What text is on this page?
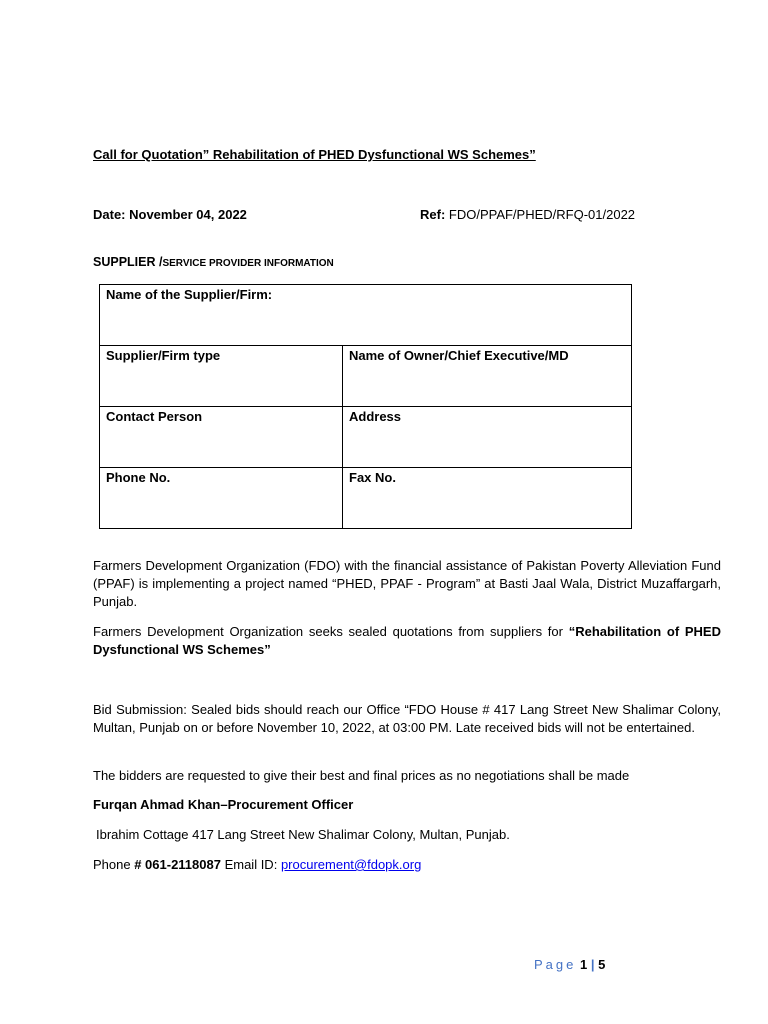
Call for Quotation” Rehabilitation of PHED Dysfunctional WS Schemes”
Date: November 04, 2022	Ref: FDO/PPAF/PHED/RFQ-01/2022
SUPPLIER /SERVICE PROVIDER INFORMATION
Name of the Supplier/Firm:	
Supplier/Firm type	Name of Owner/Chief Executive/MD
Contact Person	Address
Phone No.	Fax No.

Farmers Development Organization (FDO) with the financial assistance of Pakistan Poverty Alleviation Fund (PPAF) is implementing a project named “PHED, PPAF - Program” at Basti Jaal Wala, District Muzaffargarh, Punjab.

Farmers Development Organization seeks sealed quotations from suppliers for “Rehabilitation of PHED Dysfunctional WS Schemes”

Bid Submission: Sealed bids should reach our Office “FDO House # 417 Lang Street New Shalimar Colony, Multan, Punjab on or before November 10, 2022, at 03:00 PM. Late received bids will not be entertained.

The bidders are requested to give their best and final prices as no negotiations shall be made

Furqan Ahmad Khan–Procurement Officer
Ibrahim Cottage 417 Lang Street New Shalimar Colony, Multan, Punjab.
Phone # 061-2118087 Email ID: procurement@fdopk.org
Page 1 | 5
